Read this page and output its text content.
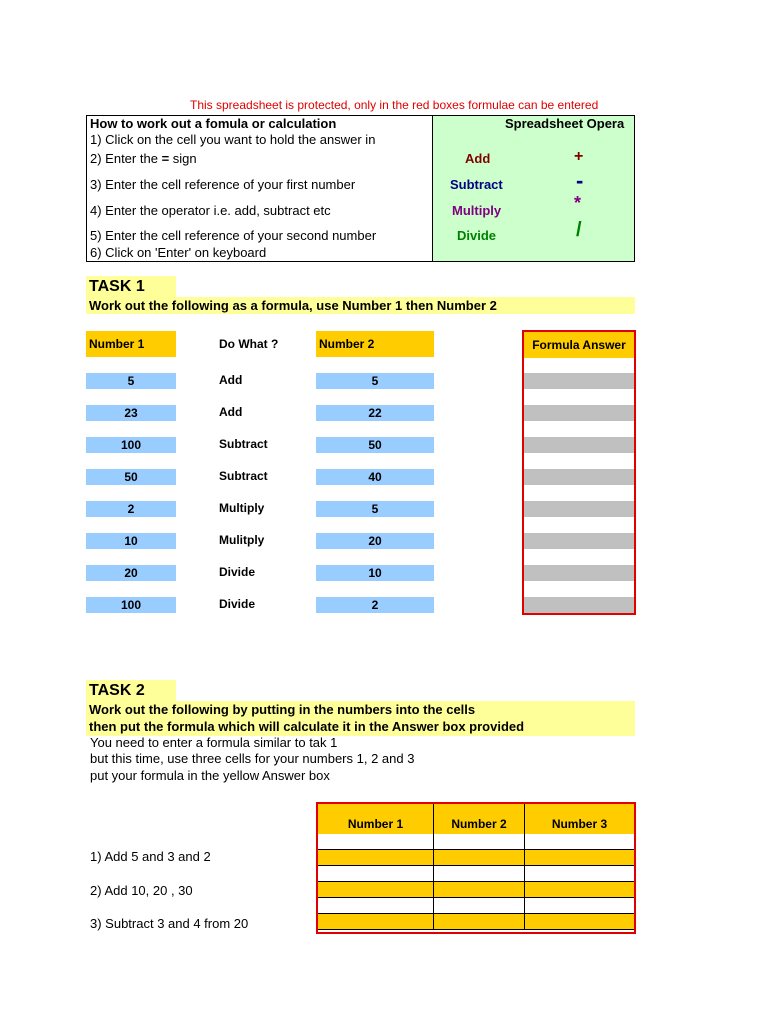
This spreadsheet is protected, only in the red boxes formulae can be entered
How to work out a fomula or calculation
1) Click on the cell you want to hold the answer in
2) Enter the = sign
3) Enter the cell reference of your first number
4) Enter the operator i.e. add, subtract etc
5) Enter the cell reference of your second number
6) Click on 'Enter' on keyboard
Spreadsheet Opera
Add	+
Subtract	-
Multiply	*
Divide	/
TASK 1
Work out the following as a formula, use Number 1 then Number 2
Number 1	Do What ?	Number 2	Formula Answer
5	Add	5
23	Add	22
100	Subtract	50
50	Subtract	40
2	Multiply	5
10	Mulitply	20
20	Divide	10
100	Divide	2
TASK 2
Work out the following by putting in the numbers into the cells
then put the formula which will calculate it in the Answer box provided
You need to enter a formula similar to tak 1
but this time, use three cells for your numbers 1, 2 and 3
put your formula in the yellow Answer box
Number 1	Number 2	Number 3
1) Add 5 and 3 and 2
2) Add 10, 20 , 30
3) Subtract 3 and 4 from 20
